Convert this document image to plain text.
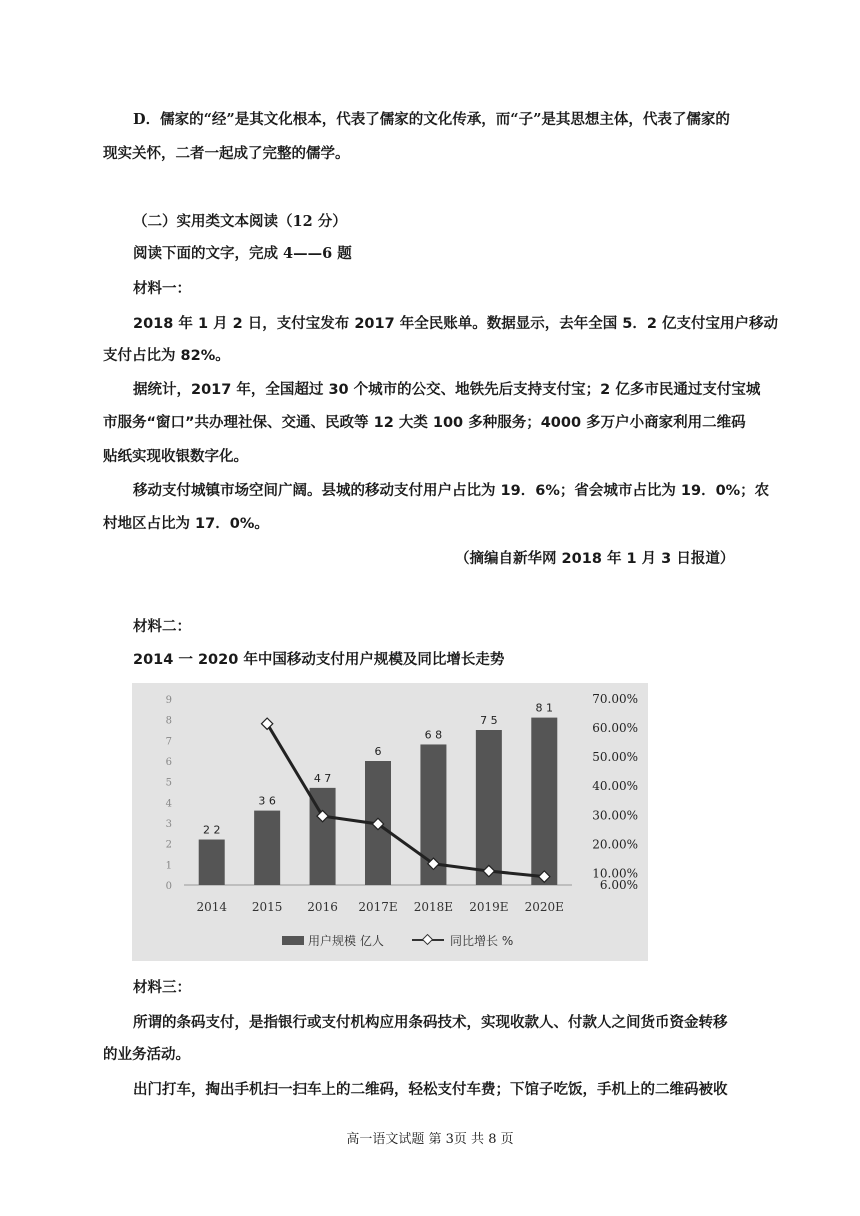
D．儒家的“经”是其文化根本，代表了儒家的文化传承，而“子”是其思想主体，代表了儒家的
现实关怀，二者一起成了完整的儒学。
（二）实用类文本阅读（12 分）
阅读下面的文字，完成 4——6 题
材料一：
2018 年 1 月 2 日，支付宝发布 2017 年全民账单。数据显示，去年全国 5．2 亿支付宝用户移动
支付占比为 82%。
据统计，2017 年，全国超过 30 个城市的公交、地铁先后支持支付宝；2 亿多市民通过支付宝城
市服务“窗口”共办理社保、交通、民政等 12 大类 100 多种服务；4000 多万户小商家利用二维码
贴纸实现收银数字化。
移动支付城镇市场空间广阔。县城的移动支付用户占比为 19．6%；省会城市占比为 19．0%；农
村地区占比为 17．0%。
（摘编自新华网 2018 年 1 月 3 日报道）
材料二：
2014 一 2020 年中国移动支付用户规模及同比增长走势
0
1
2
3
4
5
6
7
8
9
6.00%
10.00%
20.00%
30.00%
40.00%
50.00%
60.00%
70.00%
2 2
3 6
4 7
6
6 8
7 5
8 1
2014 2015 2016 2017E 2018E 2019E 2020E
用户规模 亿人	同比增长 %
材料三：
所谓的条码支付，是指银行或支付机构应用条码技术，实现收款人、付款人之间货币资金转移
的业务活动。
出门打车，掏出手机扫一扫车上的二维码，轻松支付车费；下馆子吃饭，手机上的二维码被收
高一语文试题 第 3页 共 8 页
